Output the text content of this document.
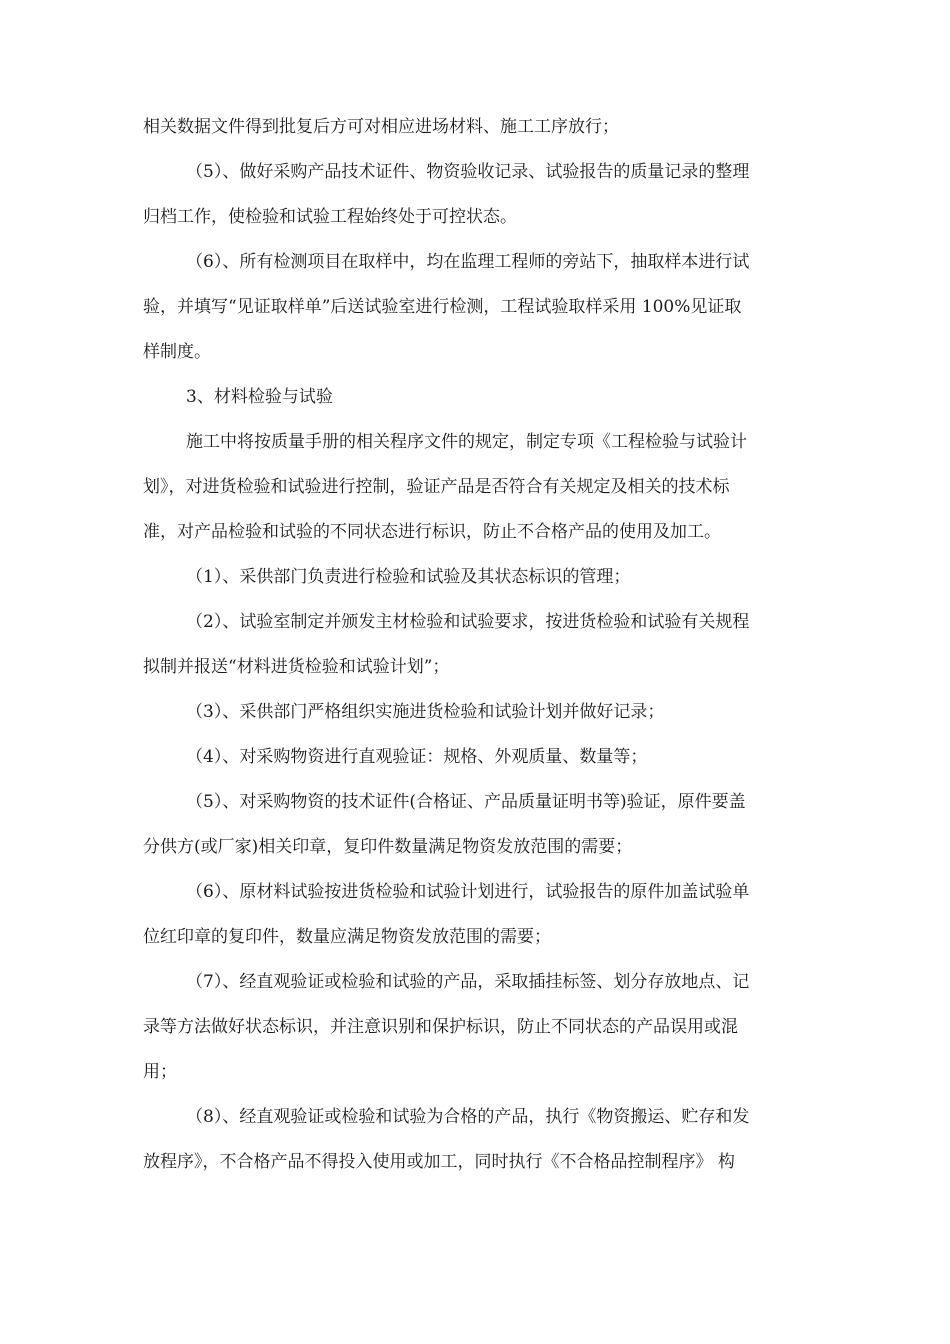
相关数据文件得到批复后方可对相应进场材料、施工工序放行；
（5）、做好采购产品技术证件、物资验收记录、试验报告的质量记录的整理
归档工作，使检验和试验工程始终处于可控状态。
（6）、所有检测项目在取样中，均在监理工程师的旁站下，抽取样本进行试
验，并填写“见证取样单”后送试验室进行检测，工程试验取样采用 100%见证取
样制度。
3、材料检验与试验
施工中将按质量手册的相关程序文件的规定，制定专项《工程检验与试验计
划》，对进货检验和试验进行控制，验证产品是否符合有关规定及相关的技术标
准，对产品检验和试验的不同状态进行标识，防止不合格产品的使用及加工。
（1）、采供部门负责进行检验和试验及其状态标识的管理；
（2）、试验室制定并颁发主材检验和试验要求，按进货检验和试验有关规程
拟制并报送“材料进货检验和试验计划”；
（3）、采供部门严格组织实施进货检验和试验计划并做好记录；
（4）、对采购物资进行直观验证：规格、外观质量、数量等；
（5）、对采购物资的技术证件(合格证、产品质量证明书等)验证，原件要盖
分供方(或厂家)相关印章，复印件数量满足物资发放范围的需要；
（6）、原材料试验按进货检验和试验计划进行，试验报告的原件加盖试验单
位红印章的复印件，数量应满足物资发放范围的需要；
（7）、经直观验证或检验和试验的产品，采取插挂标签、划分存放地点、记
录等方法做好状态标识，并注意识别和保护标识，防止不同状态的产品误用或混
用；
（8）、经直观验证或检验和试验为合格的产品，执行《物资搬运、贮存和发
放程序》，不合格产品不得投入使用或加工，同时执行《不合格品控制程序》 构
